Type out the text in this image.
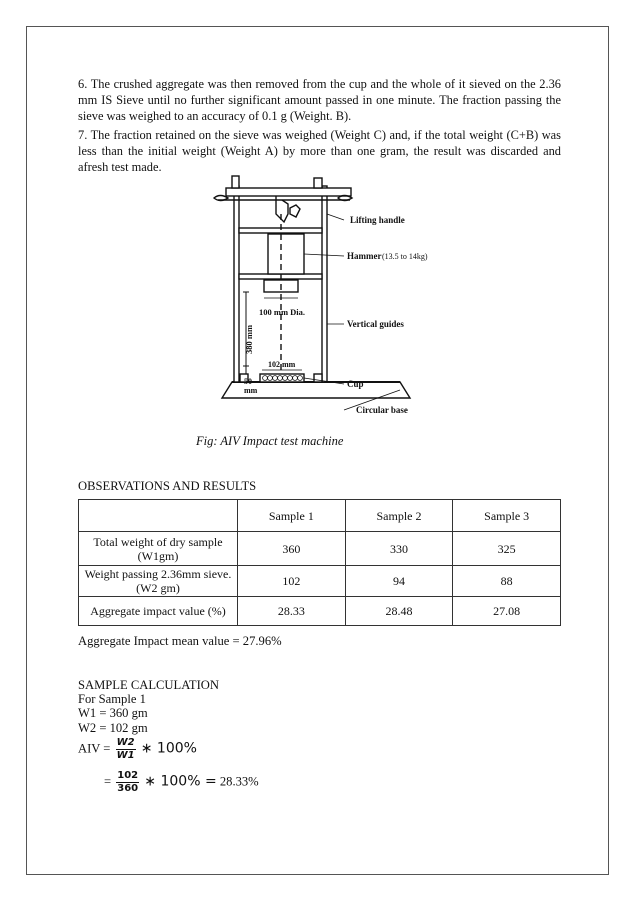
6. The crushed aggregate was then removed from the cup and the whole of it sieved on the 2.36 mm IS Sieve until no further significant amount passed in one minute. The fraction passing the sieve was weighed to an accuracy of 0.1 g (Weight. B).

7. The fraction retained on the sieve was weighed (Weight C) and, if the total weight (C+B) was less than the initial weight (Weight A) by more than one gram, the result was discarded and afresh test made.

Lifting handle
Hammer (13.5 to 14kg)
100 mm Dia.
Vertical guides
380 mm
102 mm
Cup
50
mm
Circular base
Fig: AIV Impact test machine
OBSERVATIONS AND RESULTS
	Sample 1	Sample 2	Sample 3
Total weight of dry sample (W1gm)	360	330	325
Weight passing 2.36mm sieve. (W2 gm)	102	94	88
Aggregate impact value (%)	28.33	28.48	27.08
Aggregate Impact mean value = 27.96%
SAMPLE CALCULATION
For Sample 1
W1 = 360 gm
W2 = 102 gm
AIV = $\frac{W2}{W1}$ ∗ 100%
= $\frac{102}{360}$ ∗ 100% = 28.33%
